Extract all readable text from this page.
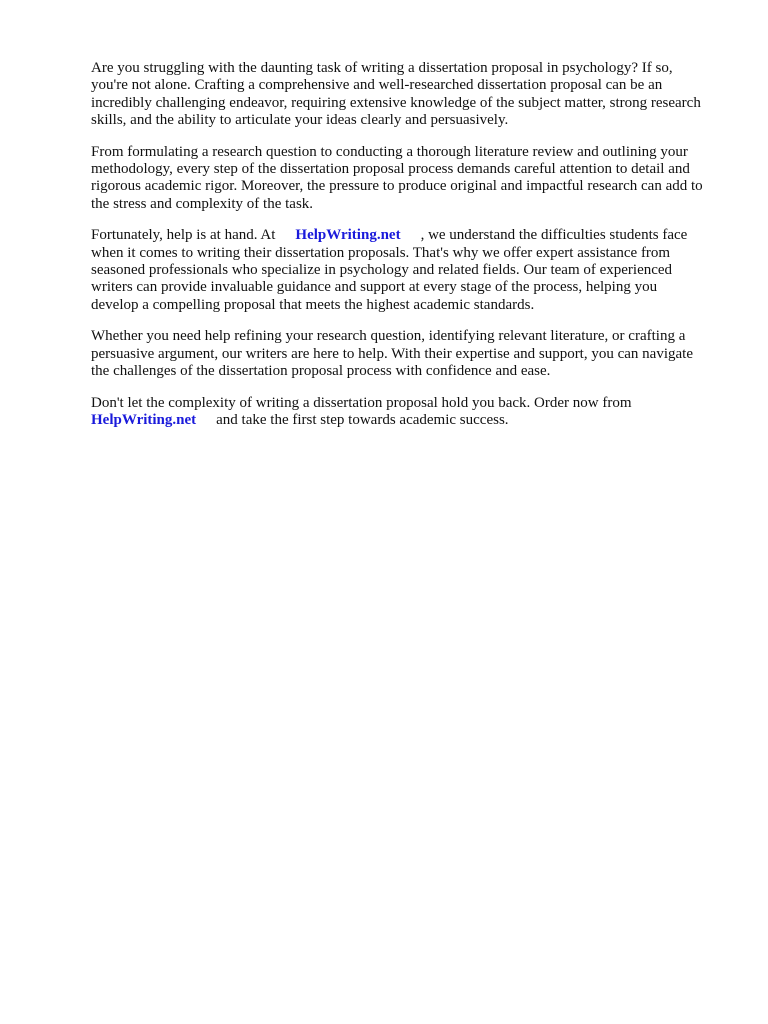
Are you struggling with the daunting task of writing a dissertation proposal in psychology? If so,
you're not alone. Crafting a comprehensive and well-researched dissertation proposal can be an
incredibly challenging endeavor, requiring extensive knowledge of the subject matter, strong research
skills, and the ability to articulate your ideas clearly and persuasively.

From formulating a research question to conducting a thorough literature review and outlining your
methodology, every step of the dissertation proposal process demands careful attention to detail and
rigorous academic rigor. Moreover, the pressure to produce original and impactful research can add to
the stress and complexity of the task.

Fortunately, help is at hand. At HelpWriting.net , we understand the difficulties students face
when it comes to writing their dissertation proposals. That's why we offer expert assistance from
seasoned professionals who specialize in psychology and related fields. Our team of experienced
writers can provide invaluable guidance and support at every stage of the process, helping you
develop a compelling proposal that meets the highest academic standards.

Whether you need help refining your research question, identifying relevant literature, or crafting a
persuasive argument, our writers are here to help. With their expertise and support, you can navigate
the challenges of the dissertation proposal process with confidence and ease.

Don't let the complexity of writing a dissertation proposal hold you back. Order now from
HelpWriting.net and take the first step towards academic success.
